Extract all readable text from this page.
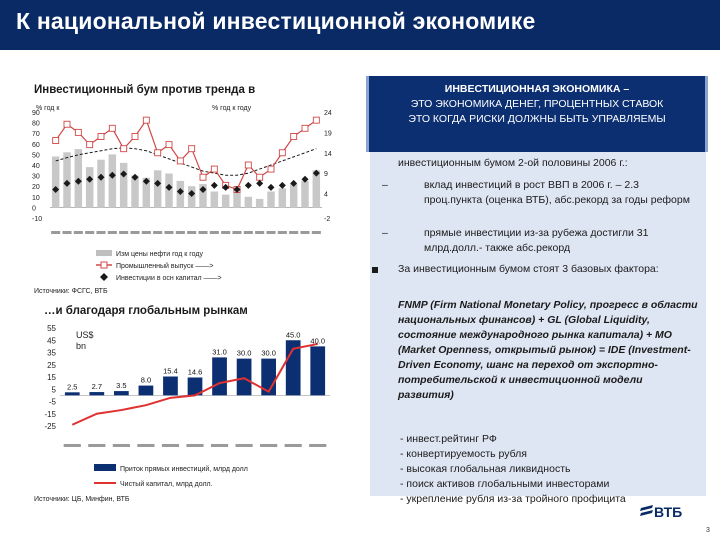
К национальной инвестиционной экономике
Инвестиционный бум против тренда в
% год к	% год к году
90
80
70
60
50
40
30
20
10
0
-10
24
19
14
9
4
-2
Изм цены нефти год к году
Промышленный выпуск ——>
Инвестиции в осн капитал ——>
Источники: ФСГС, ВТБ
…и благодаря глобальным рынкам
US$
bn
2.5 2.7 3.5
8.0
15.4 14.6
31.0 30.0 30.0
45.0
40.0
55
45
35
25
15
5
-5
-15
-25
Приток прямых инвестиций, млрд долл
Чистый капитал, млрд долл.
Источники: ЦБ, Минфин, ВТБ
инвестиционным бумом 2-ой половины 2006 г.:
–	вклад инвестиций в рост ВВП в 2006 г. – 2.3 проц.пункта (оценка ВТБ), абс.рекорд за годы реформ
–	прямые инвестиции из-за рубежа достигли 31 млрд.долл.- также абс.рекорд
За инвестиционным бумом стоят 3 базовых фактора:
FNMP (Firm National Monetary Policy, прогресс в области национальных финансов) + GL (Global Liquidity, состояние международного рынка капитала) + MO (Market Openness, открытый рынок) = IDE (Investment-Driven Economy, шанс на переход от экспортно-потребительской к инвестиционной модели развития)
- инвест.рейтинг РФ
- конвертируемость рубля
- высокая глобальная ликвидность
- поиск активов глобальными инвесторами
- укрепление рубля из-за тройного профицита
ИНВЕСТИЦИОННАЯ ЭКОНОМИКА –
ЭТО ЭКОНОМИКА ДЕНЕГ, ПРОЦЕНТНЫХ СТАВОК
ЭТО КОГДА РИСКИ ДОЛЖНЫ БЫТЬ УПРАВЛЯЕМЫ
ВТБ
3
